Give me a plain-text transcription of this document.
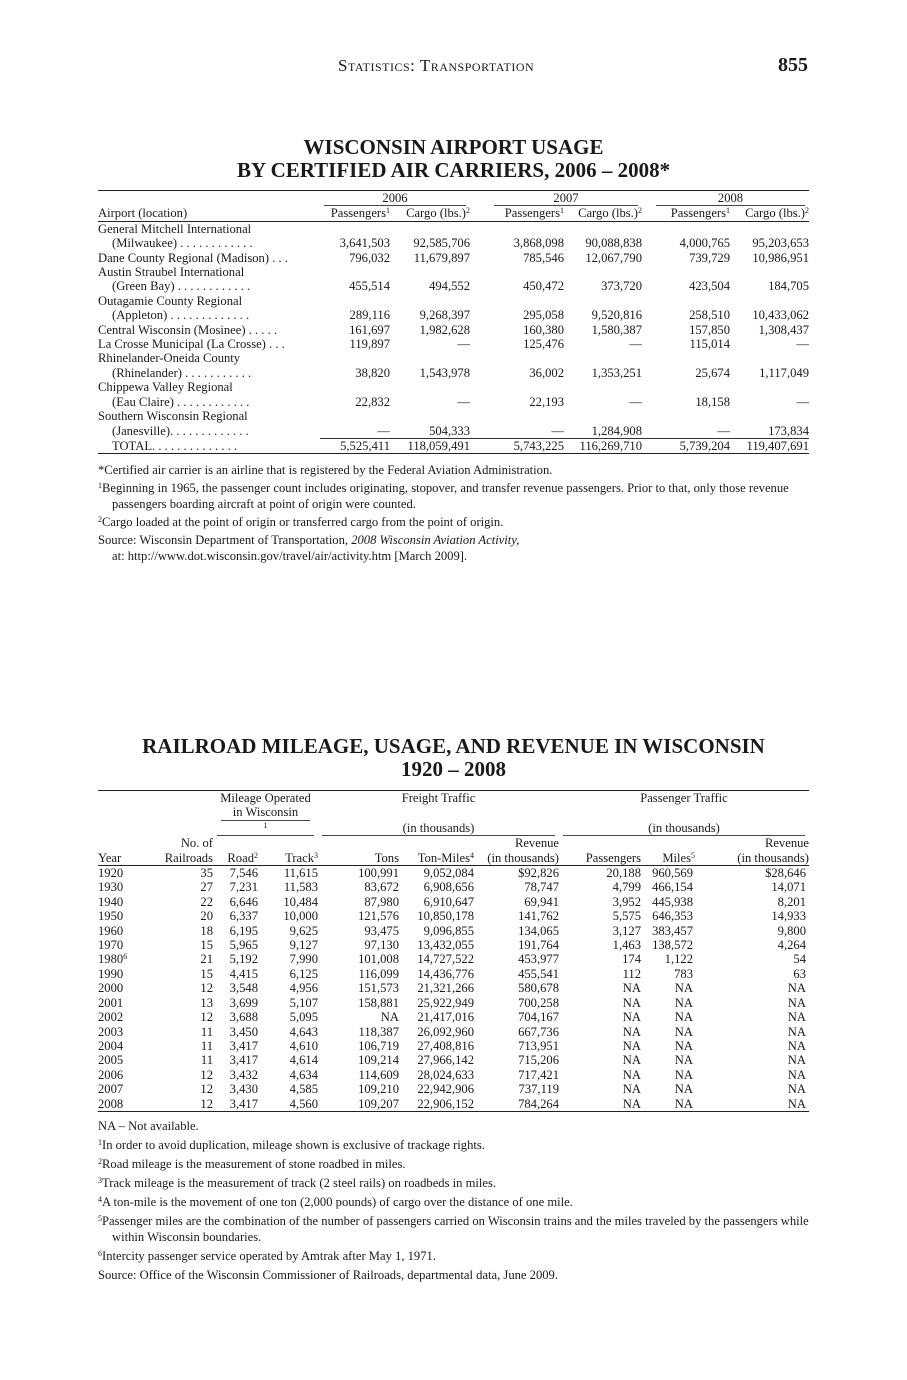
Statistics: Transportation	855
WISCONSIN AIRPORT USAGE
BY CERTIFIED AIR CARRIERS, 2006 – 2008*

	2006		2007		2008	

Airport (location)	Passengers$^1$	Cargo $(lbs.)^2$	Passengers$^1$	Cargo $(lbs.)^2$	Passengers$^1$	Cargo $(lbs.)^2$
General Mitchell International						
(Milwaukee) . . . . . . . . . . . .	3,641,503	92,585,706	3,868,098	90,088,838	4,000,765	95,203,653
Dane County Regional (Madison) . . .	796,032	11,679,897	785,546	12,067,790	739,729	10,986,951
Austin Straubel International						
(Green Bay) . . . . . . . . . . . .	455,514	494,552	450,472	373,720	423,504	184,705
Outagamie County Regional						
(Appleton) . . . . . . . . . . . . .	289,116	9,268,397	295,058	9,520,816	258,510	10,433,062
Central Wisconsin (Mosinee) . . . . .	161,697	1,982,628	160,380	1,580,387	157,850	1,308,437
La Crosse Municipal (La Crosse) . . .	119,897	—	125,476	—	115,014	—
Rhinelander-Oneida County						
(Rhinelander) . . . . . . . . . . .	38,820	1,543,978	36,002	1,353,251	25,674	1,117,049
Chippewa Valley Regional						
(Eau Claire) . . . . . . . . . . . .	22,832	—	22,193	—	18,158	—
Southern Wisconsin Regional						
(Janesville). . . . . . . . . . . . .	—	504,333	—	1,284,908	—	173,834
TOTAL. . . . . . . . . . . . . .	5,525,411	118,059,491	5,743,225	116,269,710	5,739,204	119,407,691

*Certified air carrier is an airline that is registered by the Federal Aviation Administration.

$^1$Beginning in 1965, the passenger count includes originating, stopover, and transfer revenue passengers. Prior to that, only those revenue passengers boarding aircraft at point of origin were counted.

$^2$Cargo loaded at the point of origin or transferred cargo from the point of origin.

Source: Wisconsin Department of Transportation, 2008 Wisconsin Aviation Activity,
at: http://www.dot.wisconsin.gov/travel/air/activity.htm [March 2009].

RAILROAD MILEAGE, USAGE, AND REVENUE IN WISCONSIN
1920 – 2008
		Mileage Operated		Freight Traffic			Passenger Traffic		

		in Wisconsin
$^1$		(in thousands)			(in thousands)		

	No. of					Revenue			Revenue
Year	Railroads	Road$^2$	Track$^3$	Tons	Ton-Miles$^4$	(in thousands)	Passengers	Miles$^5$	(in thousands)
1920	35	7,546	11,615	100,991	9,052,084	$92,826	20,188	960,569	$28,646
1930	27	7,231	11,583	83,672	6,908,656	78,747	4,799	466,154	14,071
1940	22	6,646	10,484	87,980	6,910,647	69,941	3,952	445,938	8,201
1950	20	6,337	10,000	121,576	10,850,178	141,762	5,575	646,353	14,933
1960	18	6,195	9,625	93,475	9,096,855	134,065	3,127	383,457	9,800
1970	15	5,965	9,127	97,130	13,432,055	191,764	1,463	138,572	4,264
1980$^6$	21	5,192	7,990	101,008	14,727,522	453,977	174	1,122	54
1990	15	4,415	6,125	116,099	14,436,776	455,541	112	783	63
2000	12	3,548	4,956	151,573	21,321,266	580,678	NA	NA	NA
2001	13	3,699	5,107	158,881	25,922,949	700,258	NA	NA	NA
2002	12	3,688	5,095	NA	21,417,016	704,167	NA	NA	NA
2003	11	3,450	4,643	118,387	26,092,960	667,736	NA	NA	NA
2004	11	3,417	4,610	106,719	27,408,816	713,951	NA	NA	NA
2005	11	3,417	4,614	109,214	27,966,142	715,206	NA	NA	NA
2006	12	3,432	4,634	114,609	28,024,633	717,421	NA	NA	NA
2007	12	3,430	4,585	109,210	22,942,906	737,119	NA	NA	NA
2008	12	3,417	4,560	109,207	22,906,152	784,264	NA	NA	NA

NA – Not available.

$^1$In order to avoid duplication, mileage shown is exclusive of trackage rights.

$^2$Road mileage is the measurement of stone roadbed in miles.

$^3$Track mileage is the measurement of track (2 steel rails) on roadbeds in miles.

$^4$A ton-mile is the movement of one ton (2,000 pounds) of cargo over the distance of one mile.

$^5$Passenger miles are the combination of the number of passengers carried on Wisconsin trains and the miles traveled by the passengers while within Wisconsin boundaries.

$^6$Intercity passenger service operated by Amtrak after May 1, 1971.

Source: Office of the Wisconsin Commissioner of Railroads, departmental data, June 2009.
